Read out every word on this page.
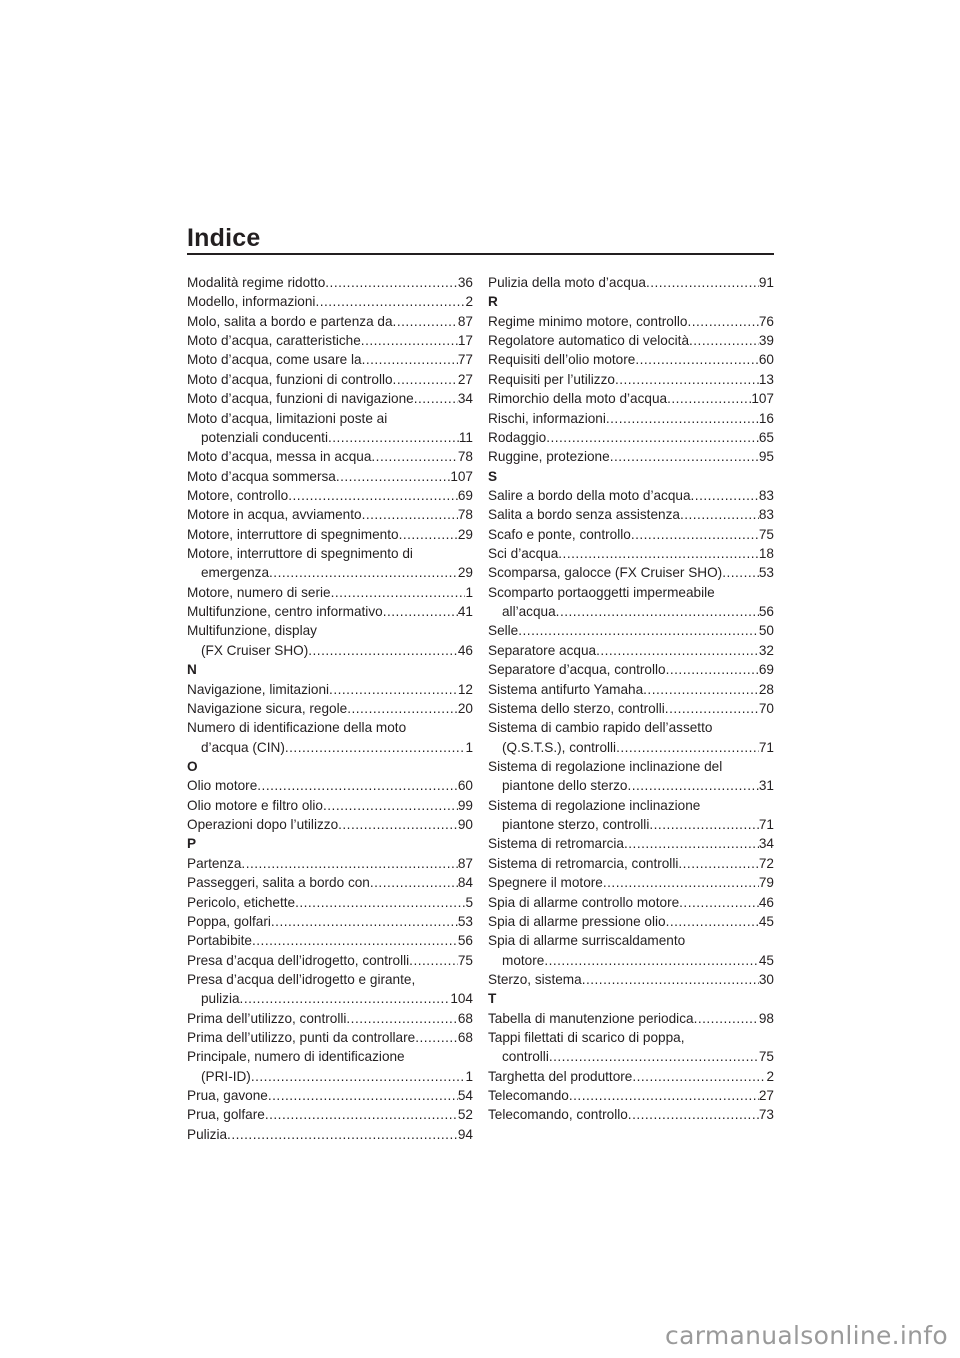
Indice
Modalità regime ridotto .....	36
Modello, informazioni .....	2
Molo, salita a bordo e partenza da .....	87
Moto d’acqua, caratteristiche .....	17
Moto d’acqua, come usare la .....	77
Moto d’acqua, funzioni di controllo .....	27
Moto d’acqua, funzioni di navigazione .....	34
Moto d’acqua, limitazioni poste ai
potenziali conducenti .....	11
Moto d’acqua, messa in acqua .....	78
Moto d’acqua sommersa .....	107
Motore, controllo .....	69
Motore in acqua, avviamento .....	78
Motore, interruttore di spegnimento .....	29
Motore, interruttore di spegnimento di
emergenza .....	29
Motore, numero di serie .....	1
Multifunzione, centro informativo .....	41
Multifunzione, display
(FX Cruiser SHO) .....	46
N
Navigazione, limitazioni .....	12
Navigazione sicura, regole .....	20
Numero di identificazione della moto
d’acqua (CIN) .....	1
O
Olio motore .....	60
Olio motore e filtro olio .....	99
Operazioni dopo l’utilizzo .....	90
P
Partenza .....	87
Passeggeri, salita a bordo con .....	84
Pericolo, etichette .....	5
Poppa, golfari .....	53
Portabibite .....	56
Presa d’acqua dell’idrogetto, controlli .....	75
Presa d’acqua dell’idrogetto e girante,
pulizia .....	104
Prima dell’utilizzo, controlli .....	68
Prima dell’utilizzo, punti da controllare .....	68
Principale, numero di identificazione
(PRI-ID) .....	1
Prua, gavone .....	54
Prua, golfare .....	52
Pulizia .....	94
Pulizia della moto d’acqua .....	91
R
Regime minimo motore, controllo .....	76
Regolatore automatico di velocità .....	39
Requisiti dell’olio motore .....	60
Requisiti per l’utilizzo .....	13
Rimorchio della moto d’acqua .....	107
Rischi, informazioni .....	16
Rodaggio .....	65
Ruggine, protezione .....	95
S
Salire a bordo della moto d’acqua .....	83
Salita a bordo senza assistenza .....	83
Scafo e ponte, controllo .....	75
Sci d’acqua .....	18
Scomparsa, galocce (FX Cruiser SHO) .....	53
Scomparto portaoggetti impermeabile
all’acqua .....	56
Selle .....	50
Separatore acqua .....	32
Separatore d’acqua, controllo .....	69
Sistema antifurto Yamaha .....	28
Sistema dello sterzo, controlli .....	70
Sistema di cambio rapido dell’assetto
(Q.S.T.S.), controlli .....	71
Sistema di regolazione inclinazione del
piantone dello sterzo .....	31
Sistema di regolazione inclinazione
piantone sterzo, controlli .....	71
Sistema di retromarcia .....	34
Sistema di retromarcia, controlli .....	72
Spegnere il motore .....	79
Spia di allarme controllo motore .....	46
Spia di allarme pressione olio .....	45
Spia di allarme surriscaldamento
motore .....	45
Sterzo, sistema .....	30
T
Tabella di manutenzione periodica .....	98
Tappi filettati di scarico di poppa,
controlli .....	75
Targhetta del produttore .....	2
Telecomando .....	27
Telecomando, controllo .....	73
carmanualsonline.info
